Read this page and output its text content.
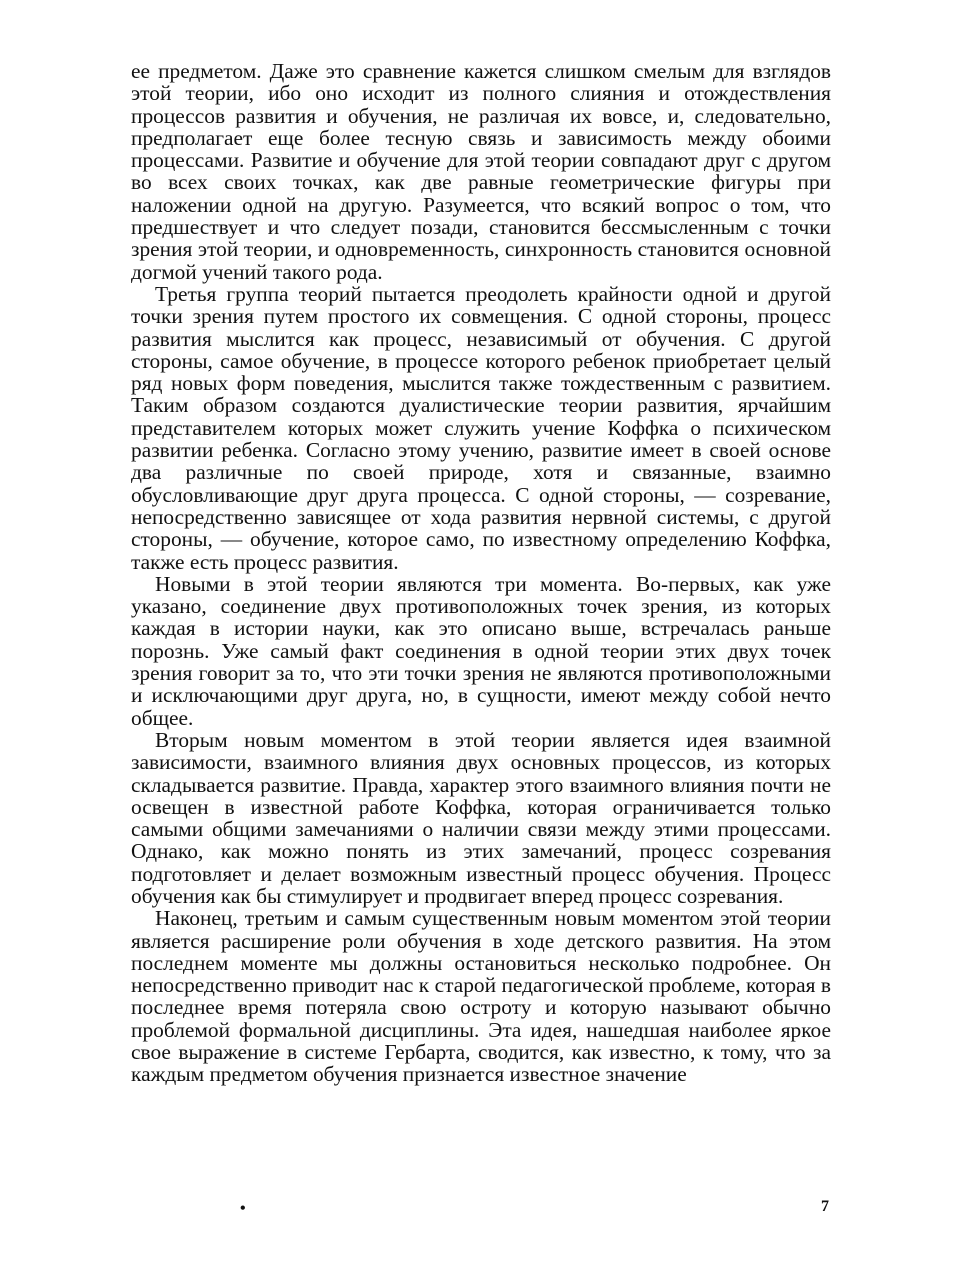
ее предметом. Даже это сравнение кажется слишком смелым для взглядов этой теории, ибо оно исходит из полного слияния и отождествления процессов развития и обучения, не различая их вовсе, и, следовательно, предполагает еще более тесную связь и зависимость между обоими процессами. Развитие и обучение для этой теории совпадают друг с другом во всех своих точках, как две равные геометрические фигуры при наложении одной на другую. Разумеется, что всякий вопрос о том, что предшествует и что следует позади, становится бессмысленным с точки зрения этой теории, и одновременность, синхронность становится основной догмой учений такого рода.

Третья группа теорий пытается преодолеть крайности одной и другой точки зрения путем простого их совмещения. С одной стороны, процесс развития мыслится как процесс, независимый от обучения. С другой стороны, самое обучение, в процессе которого ребенок приобретает целый ряд новых форм поведения, мыслится также тождественным с развитием. Таким образом создаются дуалистические теории развития, ярчайшим представителем которых может служить учение Коффка о психическом развитии ребенка. Согласно этому учению, развитие имеет в своей основе два различные по своей природе, хотя и связанные, взаимно обусловливающие друг друга процесса. С одной стороны, — созревание, непосредственно зависящее от хода развития нервной системы, с другой стороны, — обучение, которое само, по известному определению Коффка, также есть процесс развития.

Новыми в этой теории являются три момента. Во-первых, как уже указано, соединение двух противоположных точек зрения, из которых каждая в истории науки, как это описано выше, встречалась раньше порознь. Уже самый факт соединения в одной теории этих двух точек зрения говорит за то, что эти точки зрения не являются противоположными и исключающими друг друга, но, в сущности, имеют между собой нечто общее.

Вторым новым моментом в этой теории является идея взаимной зависимости, взаимного влияния двух основных процессов, из которых складывается развитие. Правда, характер этого взаимного влияния почти не освещен в известной работе Коффка, которая ограничивается только самыми общими замечаниями о наличии связи между этими процессами. Однако, как можно понять из этих замечаний, процесс созревания подготовляет и делает возможным известный процесс обучения. Процесс обучения как бы стимулирует и продвигает вперед процесс созревания.

Наконец, третьим и самым существенным новым моментом этой теории является расширение роли обучения в ходе детского развития. На этом последнем моменте мы должны остановиться несколько подробнее. Он непосредственно приводит нас к старой педагогической проблеме, которая в последнее время потеряла свою остроту и которую называют обычно проблемой формальной дисциплины. Эта идея, нашедшая наиболее яркое свое выражение в системе Гербарта, сводится, как известно, к тому, что за каждым предметом обучения признается известное значение

•	7
